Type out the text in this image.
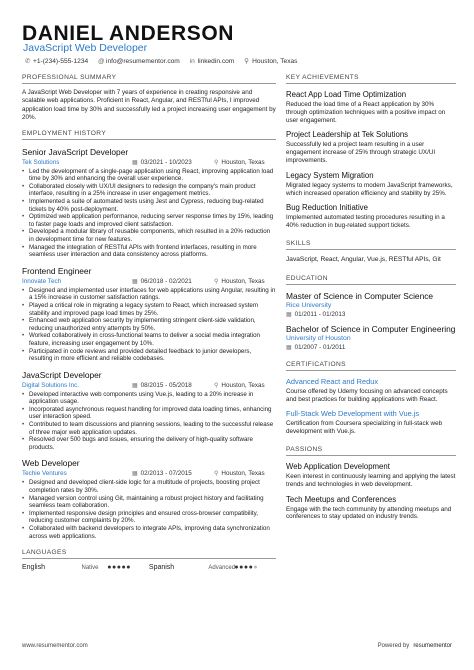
DANIEL ANDERSON
JavaScript Web Developer
✆ +1-(234)-555-1234 @info@resumementor.com in linkedin.com ⚲ Houston, Texas
PROFESSIONAL SUMMARY
A JavaScript Web Developer with 7 years of experience in creating responsive and scalable web applications. Proficient in React, Angular, and RESTful APIs, I improved application load time by 30% and successfully led a project increasing user engagement by 20%.
EMPLOYMENT HISTORY
Senior JavaScript Developer
Tek Solutions	▦ 03/2021 - 10/2023	⚲ Houston, Texas
• Led the development of a single-page application using React, improving application load time by 30% and enhancing the overall user experience.
• Collaborated closely with UX/UI designers to redesign the company's main product interface, resulting in a 25% increase in user engagement metrics.
• Implemented a suite of automated tests using Jest and Cypress, reducing bug-related tickets by 40% post-deployment.
• Optimized web application performance, reducing server response times by 15%, leading to faster page loads and improved client satisfaction.
• Developed a modular library of reusable components, which resulted in a 20% reduction in development time for new features.
• Managed the integration of RESTful APIs with frontend interfaces, resulting in more seamless user interaction and data consistency across platforms.
Frontend Engineer
Innovate Tech	▦ 06/2018 - 02/2021	⚲ Houston, Texas
• Designed and implemented user interfaces for web applications using Angular, resulting in a 15% increase in customer satisfaction ratings.
• Played a critical role in migrating a legacy system to React, which increased system stability and improved page load times by 25%.
• Enhanced web application security by implementing stringent client-side validation, reducing unauthorized entry attempts by 50%.
• Worked collaboratively in cross-functional teams to deliver a social media integration feature, increasing user engagement by 10%.
• Participated in code reviews and provided detailed feedback to junior developers, resulting in more efficient and reliable codebases.
JavaScript Developer
Digital Solutions Inc.	▦ 08/2015 - 05/2018	⚲ Houston, Texas
• Developed interactive web components using Vue.js, leading to a 20% increase in application usage.
• Incorporated asynchronous request handling for improved data loading times, enhancing user interaction speed.
• Contributed to team discussions and planning sessions, leading to the successful release of three major web application updates.
• Resolved over 500 bugs and issues, ensuring the delivery of high-quality software products.
Web Developer
Techie Ventures	▦ 02/2013 - 07/2015	⚲ Houston, Texas
• Designed and developed client-side logic for a multitude of projects, boosting project completion rates by 30%.
• Managed version control using Git, maintaining a robust project history and facilitating seamless team collaboration.
• Implemented responsive design principles and ensured cross-browser compatibility, reducing customer complaints by 20%.
• Collaborated with backend developers to integrate APIs, improving data synchronization across web applications.
LANGUAGES
English	Native	●●●●●	Spanish	Advanced ●●●●●
KEY ACHIEVEMENTS
React App Load Time Optimization
Reduced the load time of a React application by 30% through optimization techniques with a positive impact on user engagement.
Project Leadership at Tek Solutions
Successfully led a project team resulting in a user engagement increase of 25% through strategic UX/UI improvements.
Legacy System Migration
Migrated legacy systems to modern JavaScript frameworks, which increased operation efficiency and stability by 25%.
Bug Reduction Initiative
Implemented automated testing procedures resulting in a 40% reduction in bug-related support tickets.
SKILLS
JavaScript, React, Angular, Vue.js, RESTful APIs, Git
EDUCATION
Master of Science in Computer Science
Rice University
▦ 01/2011 - 01/2013
Bachelor of Science in Computer Engineering
University of Houston
▦ 01/2007 - 01/2011
CERTIFICATIONS
Advanced React and Redux
Course offered by Udemy focusing on advanced concepts and best practices for building applications with React.
Full-Stack Web Development with Vue.js
Certification from Coursera specializing in full-stack web development with Vue.js.
PASSIONS
Web Application Development
Keen interest in continuously learning and applying the latest trends and technologies in web development.
Tech Meetups and Conferences
Engage with the tech community by attending meetups and conferences to stay updated on industry trends.
www.resumementor.com	Powered by resumementor
